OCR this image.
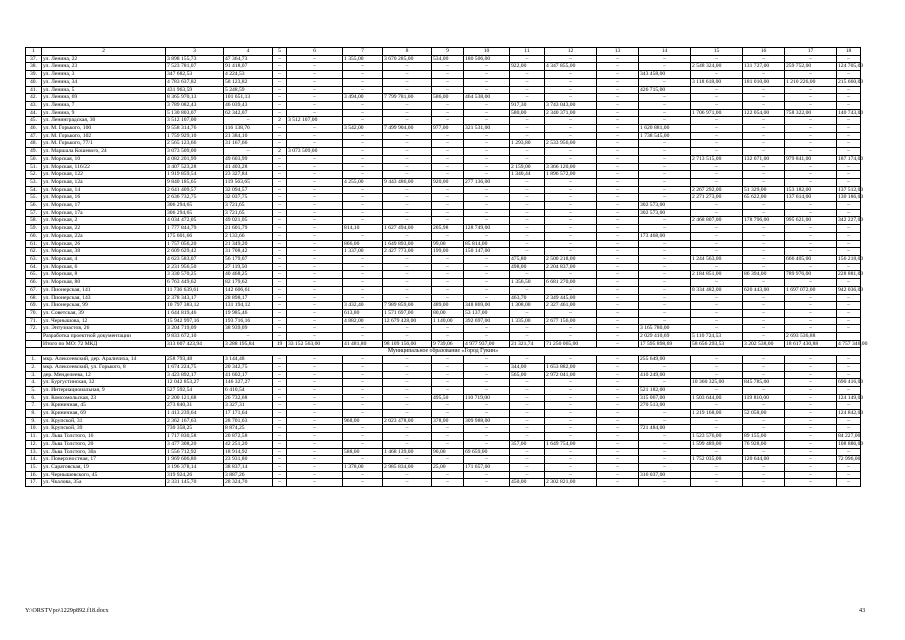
1	2	3	4	5	6	7	8	9	10	11	12	13	14	15	16	17	18
37.	ул. Ленина, 22	3 898 155,73	47 364,73	–	–	1 355,00	3 670 285,00	534,00	180 506,00	–	–	–	–	–	–	–	–
38.	ул. Ленина, 23	7 523 781,07	91 418,07	–	–	–	–	–	–	922,00	4 347 855,00	–	–	2 548 324,00	131 727,00	259 752,00	124 705,00
39.	ул. Ленина, 3	347 682,53	4 224,53	–	–	–	–	–	–	–	–	–	343 458,00	–	–	–	–
40.	ул. Ленина, 34	4 783 637,82	58 123,82	–	–	–	–	–	–	–	–	–	–	3 118 618,00	181 010,00	1 210 226,00	215 660,00
41.	ул. Ленина, 5	431 963,59	5 248,59	–	–	–	–	–	–	–	–	–	426 715,00	–	–	–	–
42.	ул. Ленина, 69	8 365 970,13	101 651,13	–	–	3 494,00	7 799 781,00	586,00	464 538,00	–	–	–	–	–	–	–	–
43.	ул. Ленина, 7	3 789 082,43	46 039,43	–	–	–	–	–	–	917,30	3 743 043,00	–	–	–	–	–	–
44.	ул. Ленина, 9	5 130 803,07	62 342,07	–	–	–	–	–	–	580,00	2 340 371,00	–	–	1 706 971,00	122 054,00	758 322,00	140 743,00
45.	ул. Ленинградская, 30	3 512 107,00	–	2	3 512 107,00	–	–	–	–	–	–	–	–	–	–	–	–
46.	ул. М. Горького, 100	9 558 314,76	116 138,76	–	–	3 542,00	7 499 904,00	977,00	321 531,00	–	–	–	1 620 881,00	–	–	–	–
47.	ул. М. Горького, 102	1 759 929,10	21 384,10	–	–	–	–	–	–	–	–	–	1 738 545,00	–	–	–	–
48.	ул. М. Горького, 77/1	2 565 123,66	31 167,66	–	–	–	–	–	–	1 293,80	2 533 956,00	–	–	–	–	–	–
49.	ул. Маршала Кошевого, 24	3 073 509,00	–	2	3 073 509,00	–	–	–	–	–	–	–	–	–	–	–	–
50.	ул. Морская, 10	4 082 201,99	49 603,99	–	–	–	–	–	–	–	–	–	–	2 713 515,00	132 071,00	979 841,00	187 174,00
51.	ул. Морская, 116/22	3 407 523,28	41 403,28	–	–	–	–	–	–	2 159,00	3 366 120,00	–	–	–	–	–	–
52.	ул. Морская, 122	1 919 859,54	23 327,84	–	–	–	–	–	–	1 340,44	1 896 572,00	–	–	–	–	–	–
53.	ул. Морская, 12а	9 840 185,65	119 563,65	–	–	4 255,00	9 443 486,00	920,00	277 136,00	–	–	–	–	–	–	–	–
54.	ул. Морская, 14	2 641 409,57	32 094,57	–	–	–	–	–	–	–	–	–	–	2 267 292,00	51 329,00	153 182,00	137 512,00
55.	ул. Морская, 16	2 636 732,75	32 037,75	–	–	–	–	–	–	–	–	–	–	2 271 273,00	65 622,00	137 614,00	130 186,00
56.	ул. Морская, 17	306 294,65	3 721,65	–	–	–	–	–	–	–	–	–	302 573,00	–	–	–	–
57.	ул. Морская, 17а	306 294,65	3 721,65	–	–	–	–	–	–	–	–	–	302 573,00	–	–	–	–
58.	ул. Морская, 2	4 034 472,05	49 021,05	–	–	–	–	–	–	–	–	–	–	2 468 807,00	178 796,00	995 621,00	342 227,00
59.	ул. Морская, 22	1 777 844,79	21 601,79	–	–	814,10	1 627 494,00	205,98	128 749,00	–	–	–	–	–	–	–	–
60.	ул. Морская, 22а	175 601,66	2 133,66	–	–	–	–	–	–	–	–	–	173 468,00	–	–	–	–
61.	ул. Морская, 26	1 757 056,20	21 349,20	–	–	866,00	1 649 893,00	99,00	85 814,00	–	–	–	–	–	–	–	–
62.	ул. Морская, 38	2 609 629,42	31 708,42	–	–	1 337,00	2 427 773,00	199,00	150 147,00	–	–	–	–	–	–	–	–
63.	ул. Морская, 4	4 623 583,07	56 179,07	–	–	–	–	–	–	475,80	2 500 218,00	–	–	1 244 563,00	–	666 405,00	156 218,00
64.	ул. Морская, 6	2 231 956,50	27 119,50	–	–	–	–	–	–	498,00	2 204 837,00	–	–	–	–	–	–
65.	ул. Морская, 8	3 330 570,25	40 468,25	–	–	–	–	–	–	–	–	–	–	2 184 851,00	86 394,00	789 976,00	228 881,00
66.	ул. Морская, 80	6 763 449,62	82 179,62	–	–	–	–	–	–	1 356,50	6 681 270,00	–	–	–	–	–	–
67.	ул. Пионерская, 141	11 736 639,61	142 606,61	–	–	–	–	–	–	–	–	–	–	8 334 482,00	620 443,00	1 697 072,00	942 036,00
68.	ул. Пионерская, 143	2 378 343,17	28 898,17	–	–	–	–	–	–	463,70	2 349 445,00	–	–	–	–	–	–
69.	ул. Пионерская, 99	10 797 383,12	131 194,12	–	–	3 432,40	7 989 859,00	489,00	348 869,00	1 308,00	2 327 461,00	–	–	–	–	–	–
70.	ул. Советская, 39	1 644 819,46	19 985,46	–	–	613,80	1 571 697,00	80,00	53 137,00	–	–	–	–	–	–	–	–
71.	ул. Чернышова, 12	15 942 997,16	193 716,16	–	–	4 882,00	12 679 428,00	1 140,00	392 697,00	1 335,00	2 677 156,00	–	–	–	–	–	–
72.	ул. Энтузиастов, 26	3 204 719,09	38 939,09	–	–	–	–	–	–	–	–	–	3 165 780,00	–	–	–	–
	Разработка проектной документации	9 833 672,10	–	–	–	–	–	–	–	–	–	–	2 029 410,69	5 110 724,53	–	2 693 536,88	
	Итого по МО: 72 МКД	313 607 423,94	3 288 195,84	19	33 152 563,00	41 481,80	98 109 156,00	9 739,06	4 977 937,00	21 321,74	71 250 065,00	–	17 595 898,69	58 656 293,53	3 202 538,00	18 617 430,88	4 757 346,00
Муниципальное образование «Город Гукин»																	
1.	мкр. Алексеевский, дер. Араличиха, 14	258 793,48	3 144,48	–	–	–	–	–	–	–	–	–	255 649,00	–	–	–	–
2.	мкр. Алексеевский, ул. Горького, 8	1 674 224,75	20 342,75	–	–	–	–	–	–	344,00	1 653 882,00	–	–	–	–	–	–
3.	дер. Менделеева, 12	3 423 892,17	41 602,17	–	–	–	–	–	–	565,00	2 972 041,00	–	410 249,00	–	–	–	–
4.	ул. Бургустинская, 32	12 042 853,27	146 327,27	–	–	–	–	–	–	–	–	–	–	10 360 325,00	845 785,00	–	690 416,00
5.	ул. Интернациональная, 9	527 592,54	6 410,54	–	–	–	–	–	–	–	–	–	521 182,00	–	–	–	–
6.	ул. Комсомольская, 23	2 200 121,68	26 732,68	–	–	–	–	495,50	110 719,00	–	–	–	315 067,00	1 503 644,00	119 810,00	–	124 149,00
7.	ул. Криничная, 45	273 840,31	3 327,31	–	–	–	–	–	–	–	–	–	270 513,00	–	–	–	–
8.	ул. Криничная, 69	1 413 239,64	17 171,64	–	–	–	–	–	–	–	–	–	–	1 219 168,00	52 058,00	–	124 842,00
9.	ул. Крупской, 31	2 362 167,63	28 701,63	–	–	968,00	2 023 478,00	378,00	309 988,00	–	–	–	–	–	–	–	–
10.	ул. Крупской, 39	730 358,25	8 874,25	–	–	–	–	–	–	–	–	–	721 484,00	–	–	–	–
11.	ул. Льва Толстого, 16	1 717 830,58	20 872,58	–	–	–	–	–	–	–	–	–	–	1 523 576,00	89 155,00	–	84 227,00
12.	ул. Льва Толстого, 20	3 477 308,20	42 251,20	–	–	–	–	–	–	357,00	1 649 754,00	–	–	1 599 489,00	76 928,00	–	108 886,00
13.	ул. Льва Толстого, 30а	1 556 712,92	18 914,92	–	–	588,00	1 468 139,00	90,00	69 659,00	–	–	–	–	–	–	–	–
14.	ул. Поверхностная, 17	1 969 606,80	23 931,80	–	–	–	–	–	–	–	–	–	–	1 752 035,00	120 644,00	–	72 996,00
15.	ул. Саратовская, 19	3 196 378,14	38 837,14	–	–	1 378,00	2 985 834,00	25,00	171 657,00	–	–	–	–	–	–	–	–
16.	ул. Чернышевского, 45	319 924,26	3 887,26	–	–	–	–	–	–	–	–	–	316 037,00	–	–	–	–
17.	ул. Чкалова, 35а	2 331 145,70	28 324,70	–	–	–	–	–	–	450,00	2 302 821,00	–	–	–	–	–	–
Y:\ORSTVpo\1229p892.f18.docx	43
